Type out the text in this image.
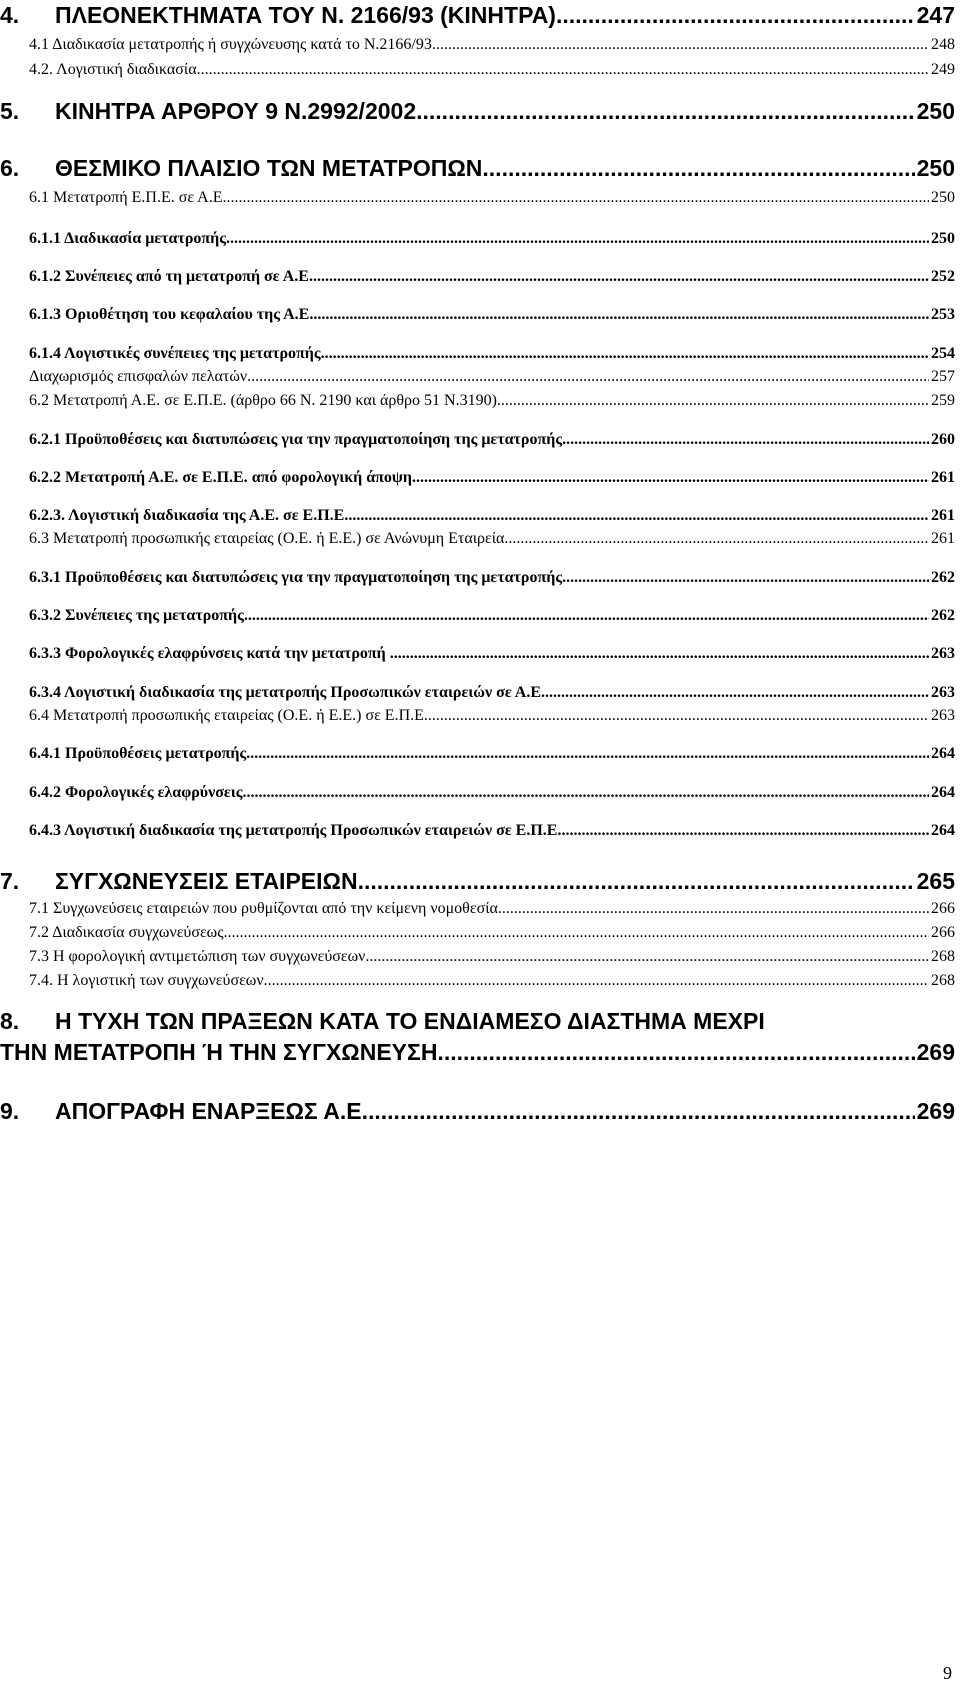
4. ΠΛΕΟΝΕΚΤΗΜΑΤΑ ΤΟΥ Ν. 2166/93 (ΚΙΝΗΤΡΑ). .....	247
4.1 Διαδικασία μετατροπής ή συγχώνευσης κατά το Ν.2166/93. .....	248
4.2. Λογιστική διαδικασία. .....	249
5. ΚΙΝΗΤΡΑ ΑΡΘΡΟΥ 9 Ν.2992/2002. .....	250
6. ΘΕΣΜΙΚΟ ΠΛΑΙΣΙΟ ΤΩΝ ΜΕΤΑΤΡΟΠΩΝ. .....	250
6.1 Μετατροπή Ε.Π.Ε. σε Α.Ε. .....	250
6.1.1 Διαδικασία μετατροπής .....	250
6.1.2 Συνέπειες από τη μετατροπή σε Α.Ε. .....	252
6.1.3 Οριοθέτηση του κεφαλαίου της Α.Ε. .....	253
6.1.4 Λογιστικές συνέπειες της μετατροπής. .....	254
Διαχωρισμός επισφαλών πελατών. .....	257
6.2 Μετατροπή Α.Ε. σε Ε.Π.Ε. (άρθρο 66 Ν. 2190 και άρθρο 51 Ν.3190). .....	259
6.2.1 Προϋποθέσεις και διατυπώσεις για την πραγματοποίηση της μετατροπής .....	260
6.2.2 Μετατροπή Α.Ε. σε Ε.Π.Ε. από φορολογική άποψη .....	261
6.2.3. Λογιστική διαδικασία της Α.Ε. σε Ε.Π.Ε. .....	261
6.3 Μετατροπή προσωπικής εταιρείας (Ο.Ε. ή Ε.Ε.) σε Ανώνυμη Εταιρεία .....	261
6.3.1 Προϋποθέσεις και διατυπώσεις για την πραγματοποίηση της μετατροπής .....	262
6.3.2 Συνέπειες της μετατροπής .....	262
6.3.3 Φορολογικές ελαφρύνσεις κατά την μετατροπή . .....	263
6.3.4 Λογιστική διαδικασία της μετατροπής Προσωπικών εταιρειών σε Α.Ε. .....	263
6.4 Μετατροπή προσωπικής εταιρείας (Ο.Ε. ή Ε.Ε.) σε Ε.Π.Ε. .....	263
6.4.1 Προϋποθέσεις μετατροπής. .....	264
6.4.2 Φορολογικές ελαφρύνσεις. .....	264
6.4.3 Λογιστική διαδικασία της μετατροπής Προσωπικών εταιρειών σε Ε.Π.Ε. .....	264
7. ΣΥΓΧΩΝΕΥΣΕΙΣ ΕΤΑΙΡΕΙΩΝ. .....	265
7.1 Συγχωνεύσεις εταιρειών που ρυθμίζονται από την κείμενη νομοθεσία .....	266
7.2 Διαδικασία συγχωνεύσεως. .....	266
7.3 Η φορολογική αντιμετώπιση των συγχωνεύσεων .....	268
7.4. Η λογιστική των συγχωνεύσεων. .....	268
8. Η ΤΥΧΗ ΤΩΝ ΠΡΑΞΕΩΝ ΚΑΤΑ ΤΟ ΕΝΔΙΑΜΕΣΟ ΔΙΑΣΤΗΜΑ ΜΕΧΡΙ
ΤΗΝ ΜΕΤΑΤΡΟΠΗ Ή ΤΗΝ ΣΥΓΧΩΝΕΥΣΗ. .....	269
9. ΑΠΟΓΡΑΦΗ ΕΝΑΡΞΕΩΣ Α.Ε. .....	269
9
